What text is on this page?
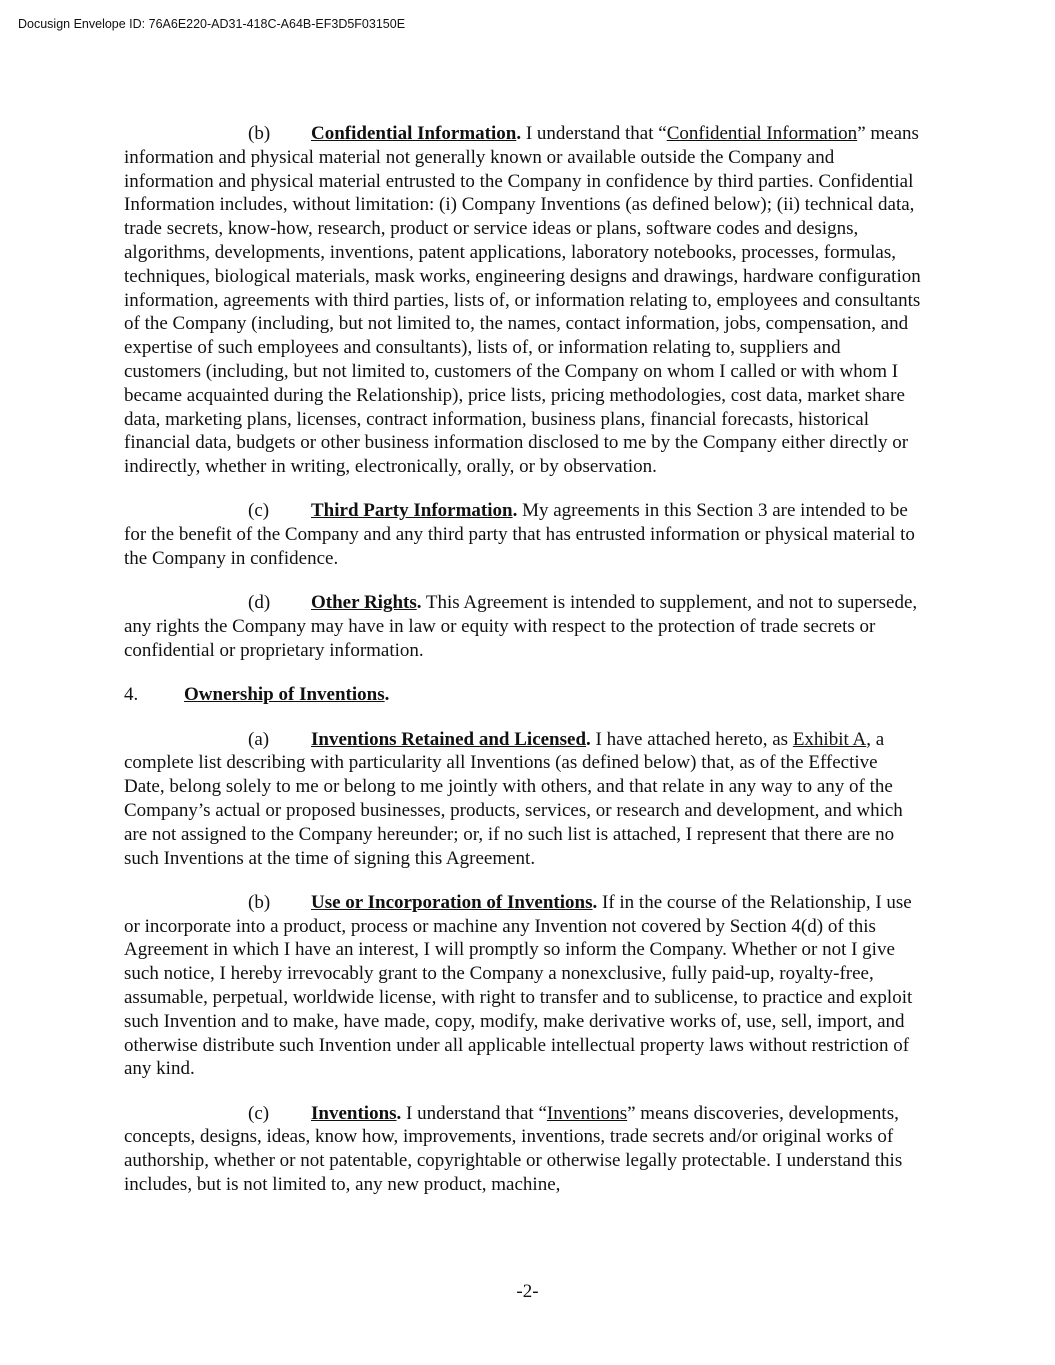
Docusign Envelope ID: 76A6E220-AD31-418C-A64B-EF3D5F03150E

(b) Confidential Information. I understand that “Confidential Information” means information and physical material not generally known or available outside the Company and information and physical material entrusted to the Company in confidence by third parties. Confidential Information includes, without limitation: (i) Company Inventions (as defined below); (ii) technical data, trade secrets, know-how, research, product or service ideas or plans, software codes and designs, algorithms, developments, inventions, patent applications, laboratory notebooks, processes, formulas, techniques, biological materials, mask works, engineering designs and drawings, hardware configuration information, agreements with third parties, lists of, or information relating to, employees and consultants of the Company (including, but not limited to, the names, contact information, jobs, compensation, and expertise of such employees and consultants), lists of, or information relating to, suppliers and customers (including, but not limited to, customers of the Company on whom I called or with whom I became acquainted during the Relationship), price lists, pricing methodologies, cost data, market share data, marketing plans, licenses, contract information, business plans, financial forecasts, historical financial data, budgets or other business information disclosed to me by the Company either directly or indirectly, whether in writing, electronically, orally, or by observation.

(c) Third Party Information. My agreements in this Section 3 are intended to be for the benefit of the Company and any third party that has entrusted information or physical material to the Company in confidence.

(d) Other Rights. This Agreement is intended to supplement, and not to supersede, any rights the Company may have in law or equity with respect to the protection of trade secrets or confidential or proprietary information.

4. Ownership of Inventions.

(a) Inventions Retained and Licensed. I have attached hereto, as Exhibit A, a complete list describing with particularity all Inventions (as defined below) that, as of the Effective Date, belong solely to me or belong to me jointly with others, and that relate in any way to any of the Company’s actual or proposed businesses, products, services, or research and development, and which are not assigned to the Company hereunder; or, if no such list is attached, I represent that there are no such Inventions at the time of signing this Agreement.

(b) Use or Incorporation of Inventions. If in the course of the Relationship, I use or incorporate into a product, process or machine any Invention not covered by Section 4(d) of this Agreement in which I have an interest, I will promptly so inform the Company. Whether or not I give such notice, I hereby irrevocably grant to the Company a nonexclusive, fully paid-up, royalty-free, assumable, perpetual, worldwide license, with right to transfer and to sublicense, to practice and exploit such Invention and to make, have made, copy, modify, make derivative works of, use, sell, import, and otherwise distribute such Invention under all applicable intellectual property laws without restriction of any kind.

(c) Inventions. I understand that “Inventions” means discoveries, developments, concepts, designs, ideas, know how, improvements, inventions, trade secrets and/or original works of authorship, whether or not patentable, copyrightable or otherwise legally protectable. I understand this includes, but is not limited to, any new product, machine,

-2-
